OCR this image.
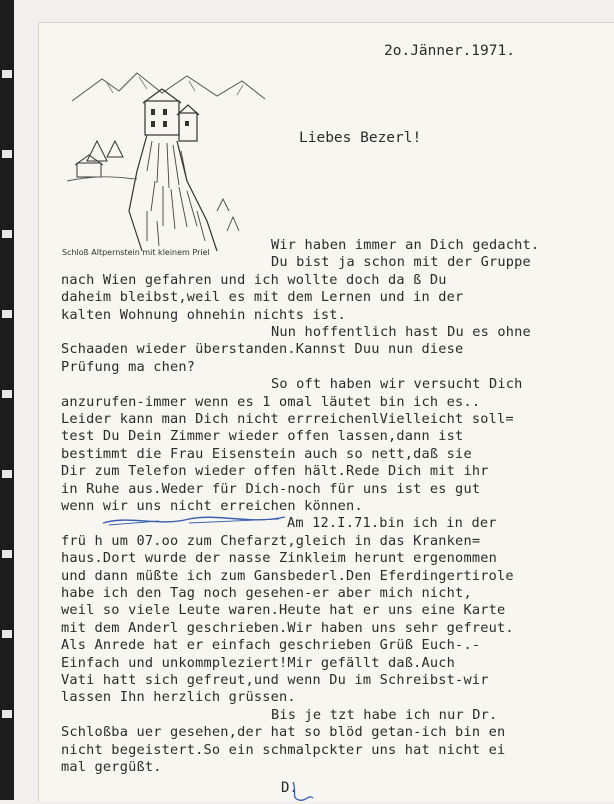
Schloß Altpernstein mit kleinem Priel
2o.Jänner.1971.
Liebes Bezerl!
Wir haben immer an Dich gedacht.
Du bist ja schon mit der Gruppe
nach Wien gefahren und ich wollte doch da ß Du
daheim bleibst,weil es mit dem Lernen und in der
kalten Wohnung ohnehin nichts ist.
Nun hoffentlich hast Du es ohne
Schaaden wieder überstanden.Kannst Duu nun diese
Prüfung ma chen?
So oft haben wir versucht Dich
anzurufen-immer wenn es 1 omal läutet bin ich es..
Leider kann man Dich nicht errreichenlVielleicht soll=
test Du Dein Zimmer wieder offen lassen,dann ist
bestimmt die Frau Eisenstein auch so nett,daß sie
Dir zum Telefon wieder offen hält.Rede Dich mit ihr
in Ruhe aus.Weder für Dich-noch für uns ist es gut
wenn wir uns nicht erreichen können.
Am 12.I.71.bin ich in der
frü h um 07.oo zum Chefarzt,gleich in das Kranken=
haus.Dort wurde der nasse Zinkleim herunt ergenommen
und dann müßte ich zum Gansbederl.Den Eferdingertirole
habe ich den Tag noch gesehen-er aber mich nicht,
weil so viele Leute waren.Heute hat er uns eine Karte
mit dem Anderl geschrieben.Wir haben uns sehr gefreut.
Als Anrede hat er einfach geschrieben Grüß Euch-.-
Einfach und unkommpleziert!Mir gefällt daß.Auch
Vati hatt sich gefreut,und wenn Du im Schreibst-wir
lassen Ihn herzlich grüssen.
Bis je tzt habe ich nur Dr.
Schloßba uer gesehen,der hat so blöd getan-ich bin en
nicht begeistert.So ein schmalpckter uns hat nicht ei
mal gergüßt.
D.
